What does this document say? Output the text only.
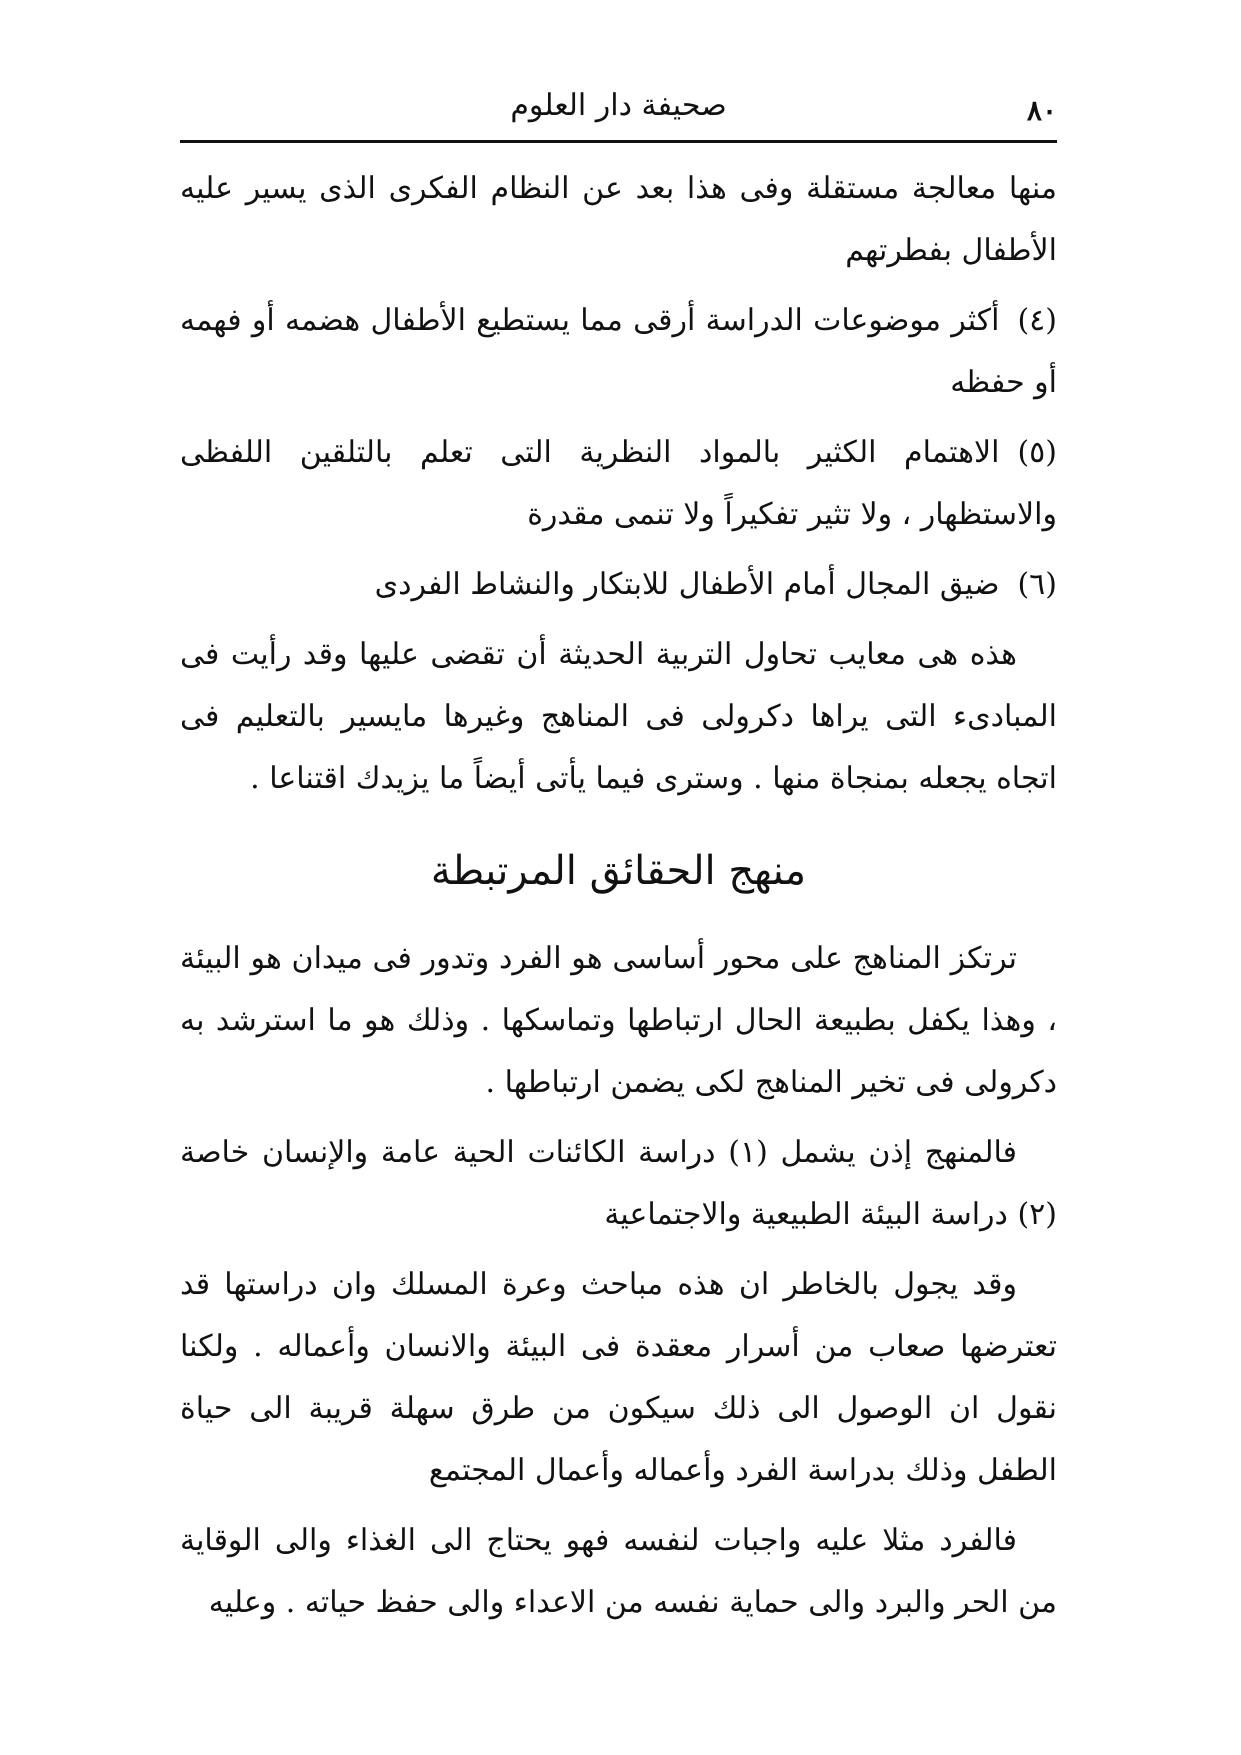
٨٠
صحيفة دار العلوم

منها معالجة مستقلة وفى هذا بعد عن النظام الفكرى الذى يسير عليه الأطفال بفطرتهم

(٤)أكثر موضوعات الدراسة أرقى مما يستطيع الأطفال هضمه أو فهمه أو حفظه

(٥)الاهتمام الكثير بالمواد النظرية التى تعلم بالتلقين اللفظى والاستظهار ، ولا تثير تفكيراً ولا تنمى مقدرة

(٦)ضيق المجال أمام الأطفال للابتكار والنشاط الفردى

هذه هى معايب تحاول التربية الحديثة أن تقضى عليها وقد رأيت فى المبادىء التى يراها دكرولى فى المناهج وغيرها مايسير بالتعليم فى اتجاه يجعله بمنجاة منها . وسترى فيما يأتى أيضاً ما يزيدك اقتناعا .

منهج الحقائق المرتبطة

ترتكز المناهج على محور أساسى هو الفرد وتدور فى ميدان هو البيئة ، وهذا يكفل بطبيعة الحال ارتباطها وتماسكها . وذلك هو ما استرشد به دكرولى فى تخير المناهج لكى يضمن ارتباطها .

فالمنهج إذن يشمل (١) دراسة الكائنات الحية عامة والإنسان خاصة (٢) دراسة البيئة الطبيعية والاجتماعية

وقد يجول بالخاطر ان هذه مباحث وعرة المسلك وان دراستها قد تعترضها صعاب من أسرار معقدة فى البيئة والانسان وأعماله . ولكنا نقول ان الوصول الى ذلك سيكون من طرق سهلة قريبة الى حياة الطفل وذلك بدراسة الفرد وأعماله وأعمال المجتمع

فالفرد مثلا عليه واجبات لنفسه فهو يحتاج الى الغذاء والى الوقاية من الحر والبرد والى حماية نفسه من الاعداء والى حفظ حياته . وعليه
